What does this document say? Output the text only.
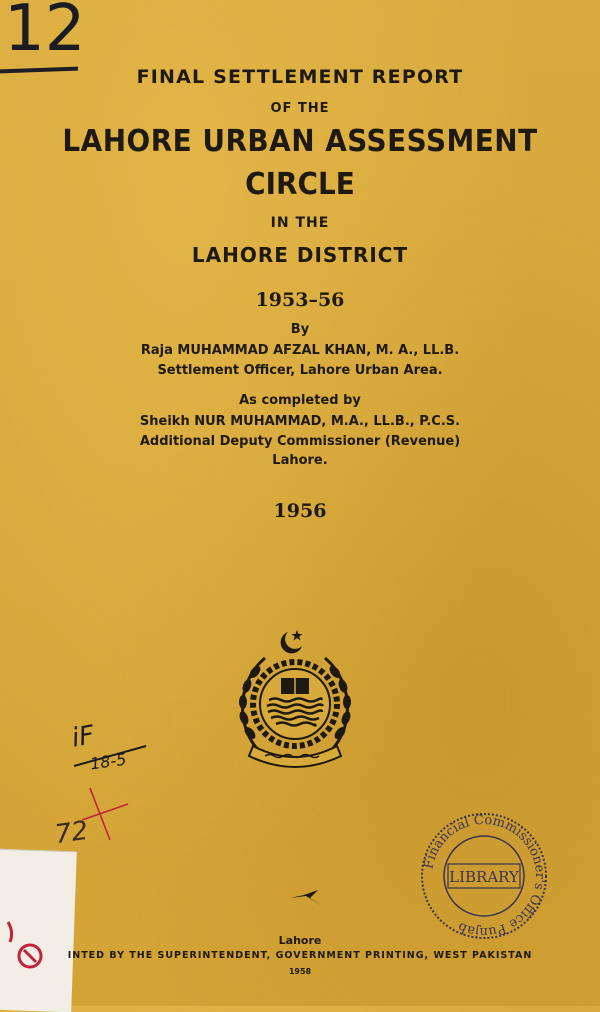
12
FINAL SETTLEMENT REPORT
OF THE
LAHORE URBAN ASSESSMENT
CIRCLE
IN THE
LAHORE DISTRICT
1953–56
By
Raja MUHAMMAD AFZAL KHAN, M. A., LL.B.
Settlement Officer, Lahore Urban Area.
As completed by
Sheikh NUR MUHAMMAD, M.A., LL.B., P.C.S.
Additional Deputy Commissioner (Revenue)
Lahore.
1956
iF
18-5
72
Financial Commissioner's Office Punjab
LIBRARY
Lahore
INTED BY THE SUPERINTENDENT, GOVERNMENT PRINTING, WEST PAKISTAN
1958
